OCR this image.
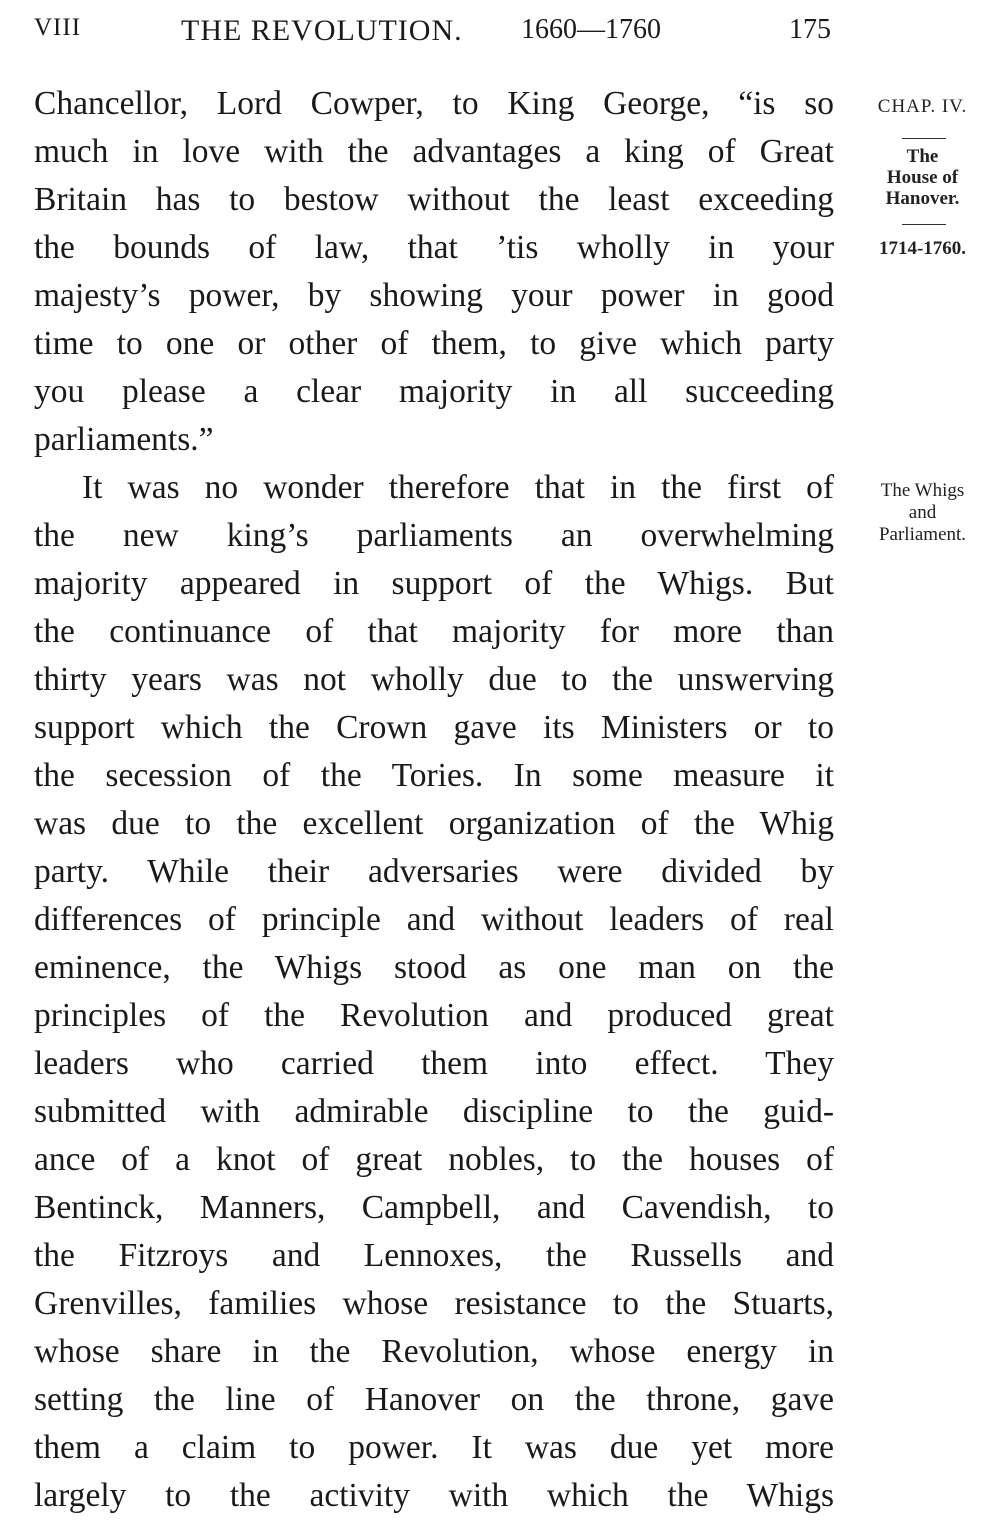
VIII	THE REVOLUTION. 1660—1760	175
Chancellor, Lord Cowper, to King George, “is so
much in love with the advantages a king of Great
Britain has to bestow without the least exceeding
the bounds of law, that ’tis wholly in your
majesty’s power, by showing your power in good
time to one or other of them, to give which party
you please a clear majority in all succeeding
parliaments.”
It was no wonder therefore that in the first of
the new king’s parliaments an overwhelming
majority appeared in support of the Whigs. But
the continuance of that majority for more than
thirty years was not wholly due to the unswerving
support which the Crown gave its Ministers or to
the secession of the Tories. In some measure it
was due to the excellent organization of the Whig
party. While their adversaries were divided by
differences of principle and without leaders of real
eminence, the Whigs stood as one man on the
principles of the Revolution and produced great
leaders who carried them into effect. They
submitted with admirable discipline to the guid-
ance of a knot of great nobles, to the houses of
Bentinck, Manners, Campbell, and Cavendish, to
the Fitzroys and Lennoxes, the Russells and
Grenvilles, families whose resistance to the Stuarts,
whose share in the Revolution, whose energy in
setting the line of Hanover on the throne, gave
them a claim to power. It was due yet more
largely to the activity with which the Whigs
CHAP. IV.
The
House of
Hanover.
1714-1760.
The Whigs
and
Parliament.
